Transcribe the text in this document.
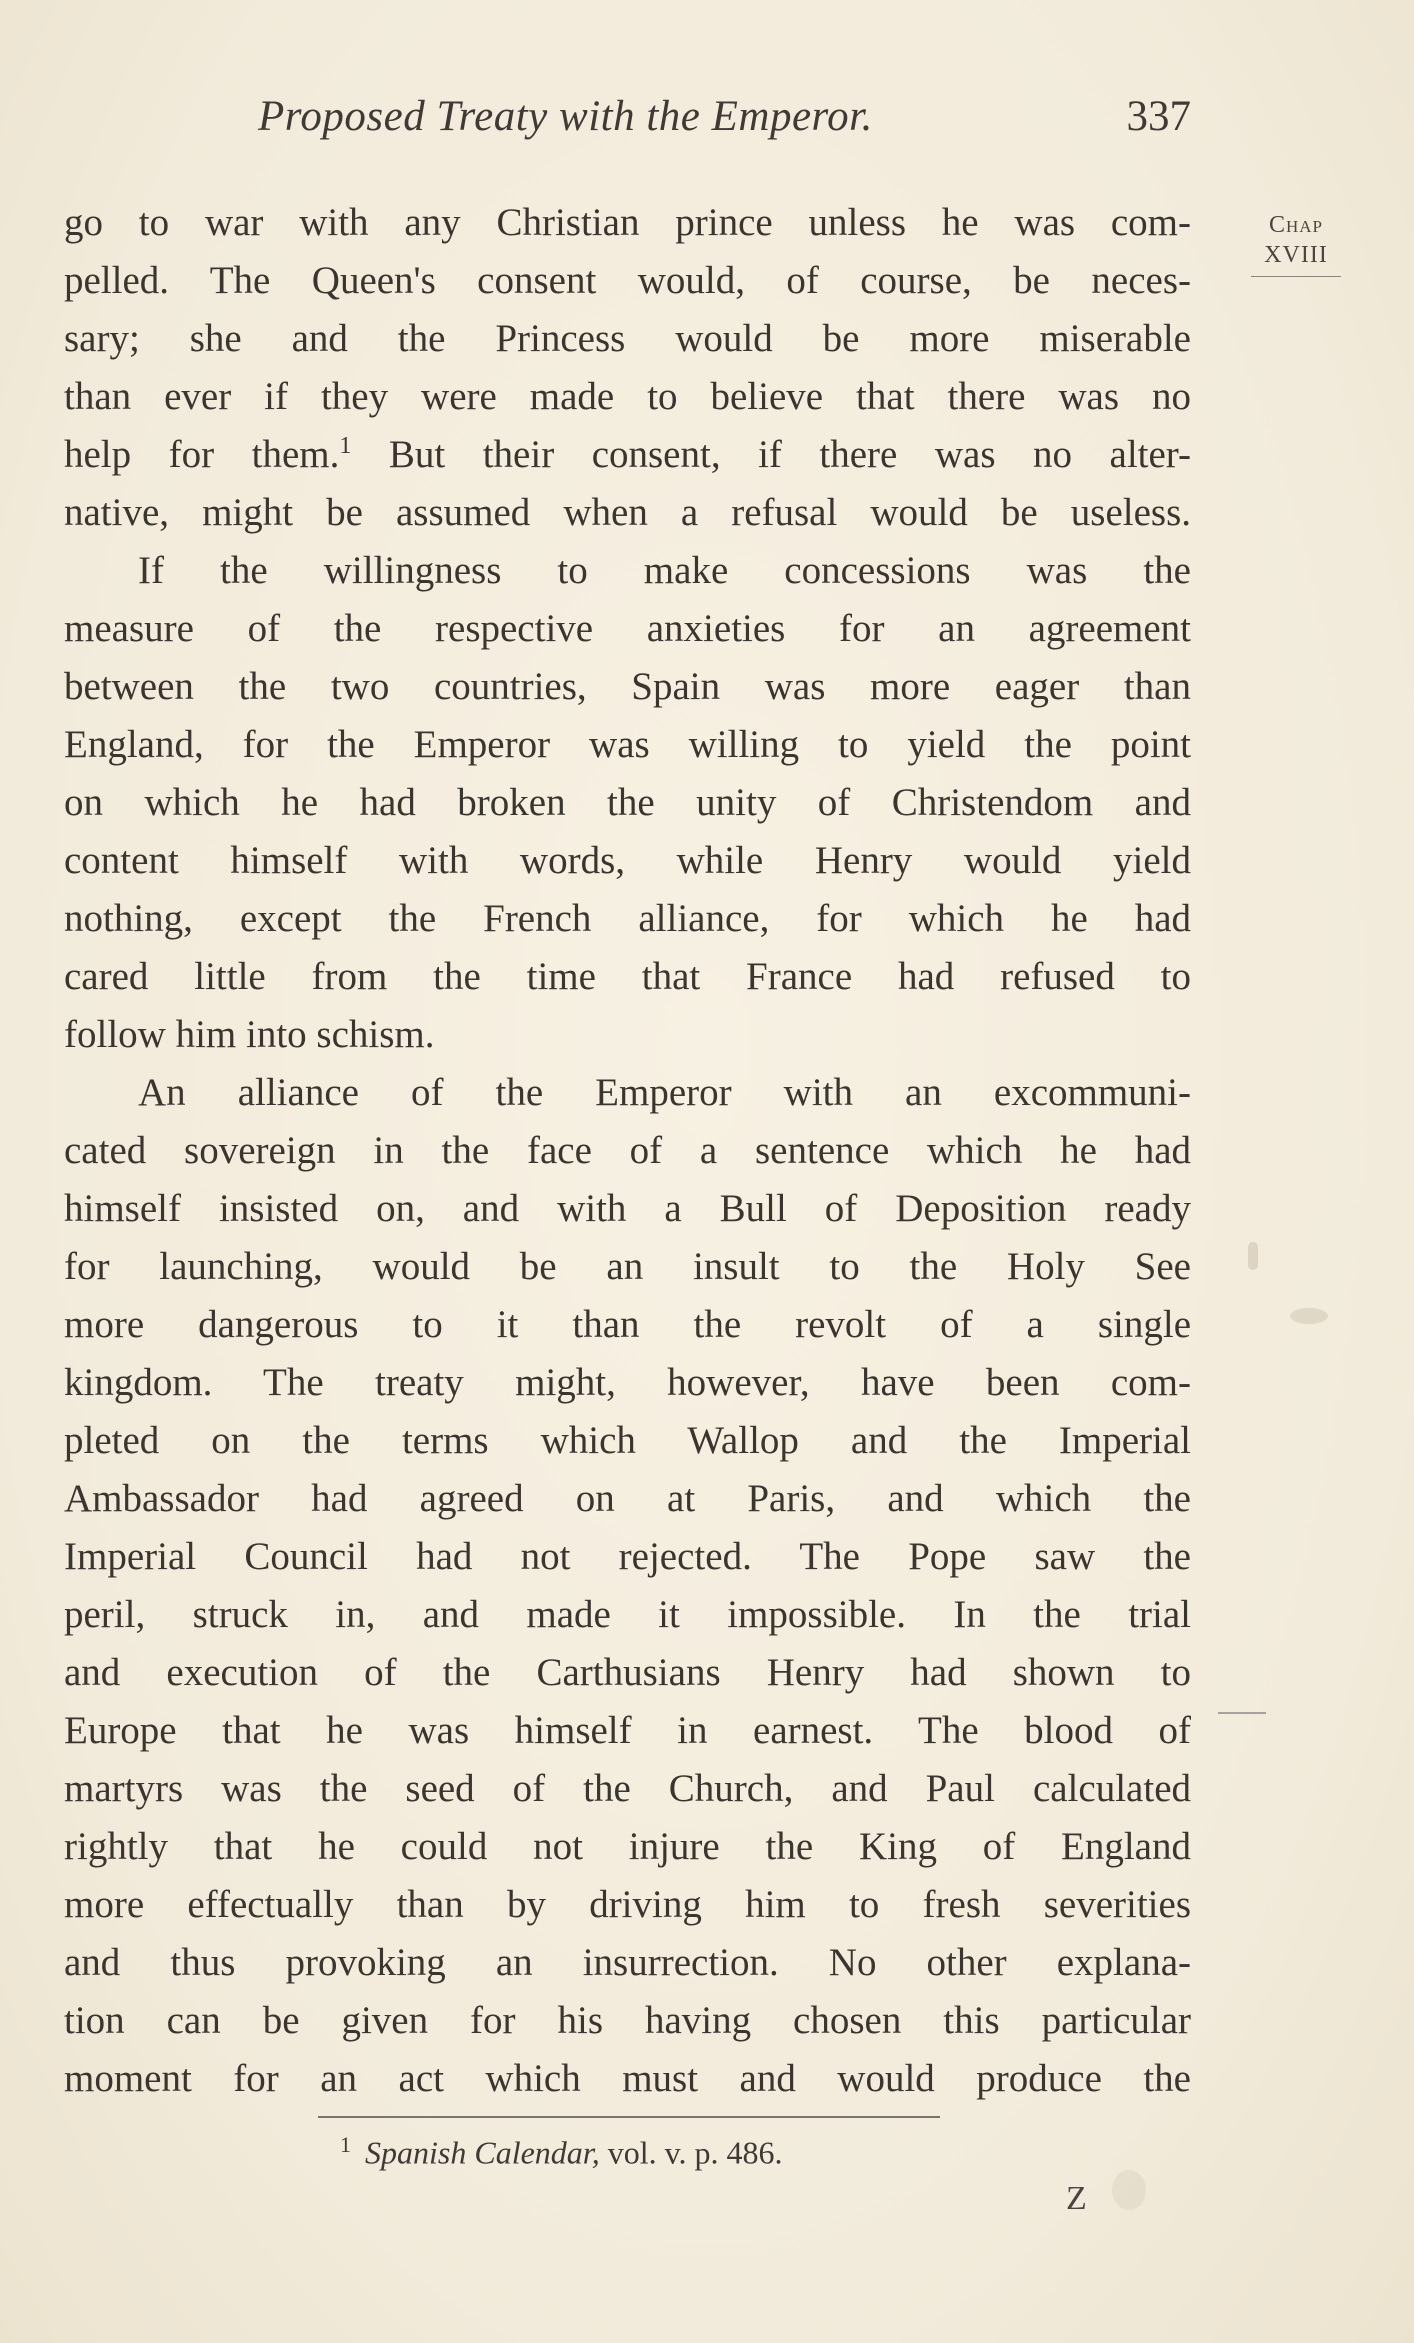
Proposed Treaty with the Emperor.	337
Chap
XVIII
go to war with any Christian prince unless he was com-
pelled. The Queen's consent would, of course, be neces-
sary; she and the Princess would be more miserable
than ever if they were made to believe that there was no
help for them.$^1$ But their consent, if there was no alter-
native, might be assumed when a refusal would be useless.
If the willingness to make concessions was the
measure of the respective anxieties for an agreement
between the two countries, Spain was more eager than
England, for the Emperor was willing to yield the point
on which he had broken the unity of Christendom and
content himself with words, while Henry would yield
nothing, except the French alliance, for which he had
cared little from the time that France had refused to
follow him into schism.
An alliance of the Emperor with an excommuni-
cated sovereign in the face of a sentence which he had
himself insisted on, and with a Bull of Deposition ready
for launching, would be an insult to the Holy See
more dangerous to it than the revolt of a single
kingdom. The treaty might, however, have been com-
pleted on the terms which Wallop and the Imperial
Ambassador had agreed on at Paris, and which the
Imperial Council had not rejected. The Pope saw the
peril, struck in, and made it impossible. In the trial
and execution of the Carthusians Henry had shown to
Europe that he was himself in earnest. The blood of
martyrs was the seed of the Church, and Paul calculated
rightly that he could not injure the King of England
more effectually than by driving him to fresh severities
and thus provoking an insurrection. No other explana-
tion can be given for his having chosen this particular
moment for an act which must and would produce the
$^1$ Spanish Calendar, vol. v. p. 486.
Z
